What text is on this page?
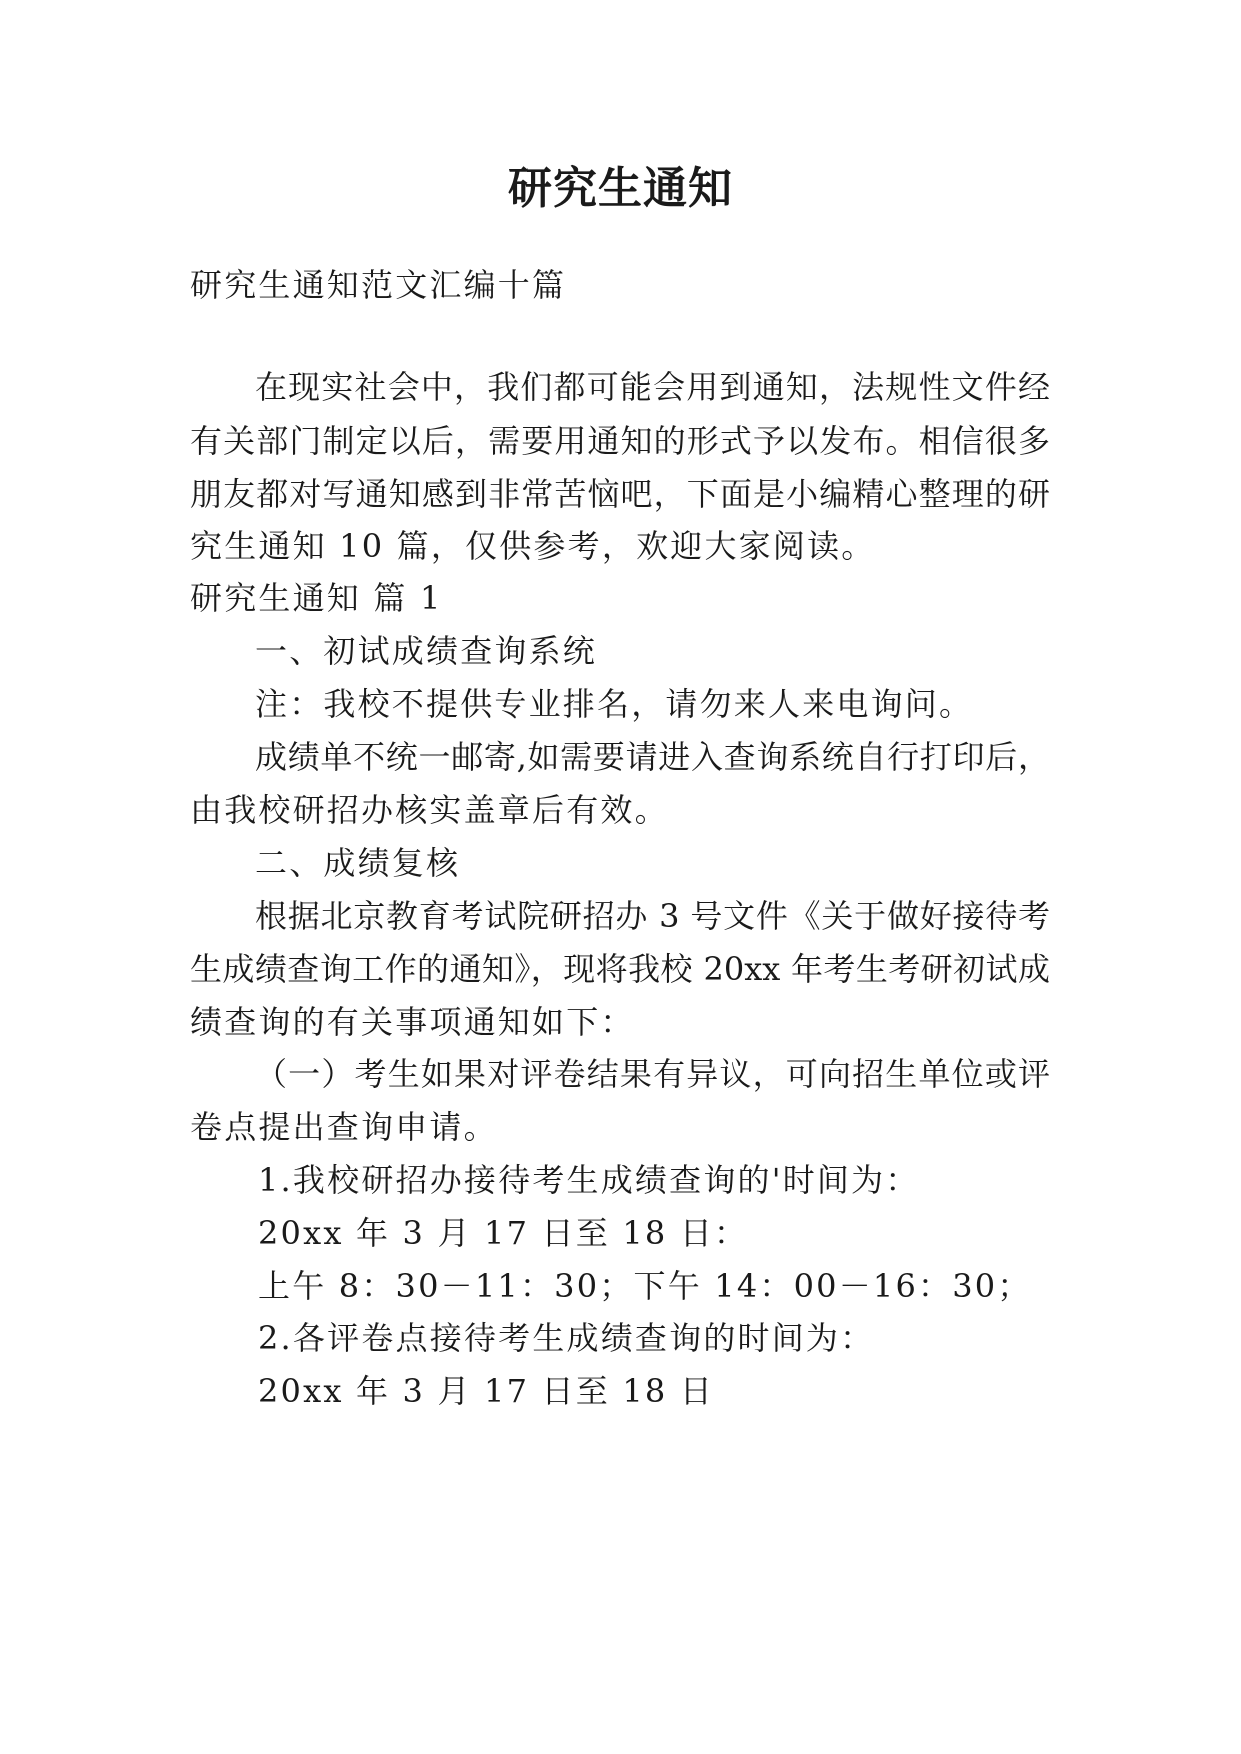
研究生通知
研究生通知范文汇编十篇
在现实社会中，我们都可能会用到通知，法规性文件经
有关部门制定以后，需要用通知的形式予以发布。相信很多
朋友都对写通知感到非常苦恼吧，下面是小编精心整理的研
究生通知 10 篇，仅供参考，欢迎大家阅读。
研究生通知 篇 1
一、初试成绩查询系统
注：我校不提供专业排名，请勿来人来电询问。
成绩单不统一邮寄,如需要请进入查询系统自行打印后，
由我校研招办核实盖章后有效。
二、成绩复核
根据北京教育考试院研招办 3 号文件《关于做好接待考
生成绩查询工作的通知》，现将我校 20xx 年考生考研初试成
绩查询的有关事项通知如下：
（一）考生如果对评卷结果有异议，可向招生单位或评
卷点提出查询申请。
1.我校研招办接待考生成绩查询的'时间为：
20xx 年 3 月 17 日至 18 日：
上午 8：30－11：30；下午 14：00－16：30；
2.各评卷点接待考生成绩查询的时间为：
20xx 年 3 月 17 日至 18 日
